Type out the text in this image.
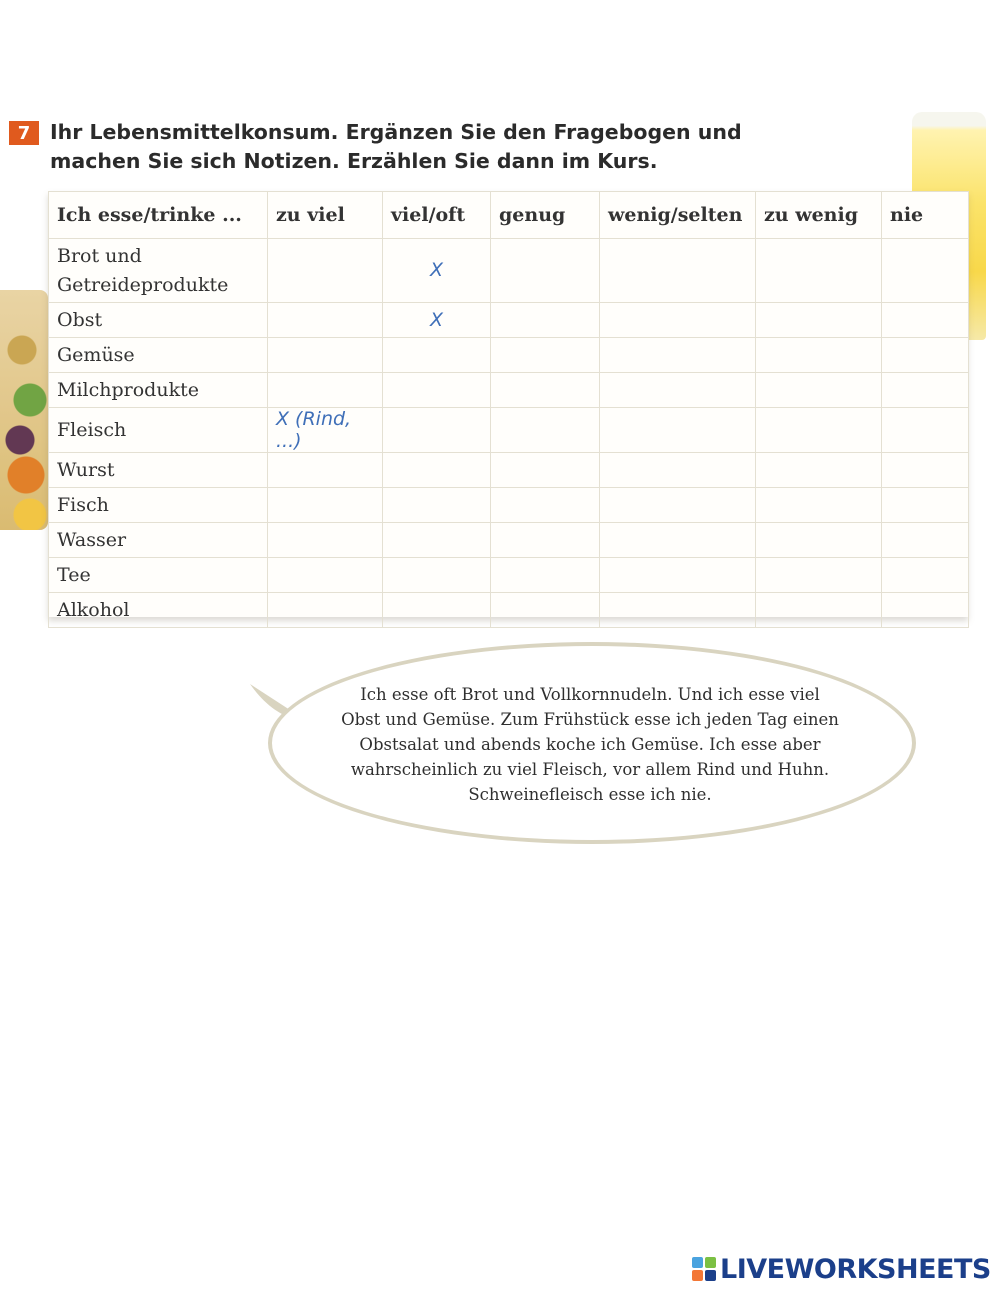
7 Ihr Lebensmittelkonsum. Ergänzen Sie den Fragebogen und
machen Sie sich Notizen. Erzählen Sie dann im Kurs.
Ich esse/trinke ...	zu viel	viel/oft	genug	wenig/selten	zu wenig	nie

Brot und
Getreideprodukte		X				

Obst		X				

Gemüse						
Milchprodukte						
Fleisch	X (Rind, ...)					

Wurst						
Fisch						
Wasser						
Tee						
Alkohol						
Ich esse oft Brot und Vollkornnudeln. Und ich esse viel
Obst und Gemüse. Zum Frühstück esse ich jeden Tag einen
Obstsalat und abends koche ich Gemüse. Ich esse aber
wahrscheinlich zu viel Fleisch, vor allem Rind und Huhn.
Schweinefleisch esse ich nie.
LIVEWORKSHEETS
